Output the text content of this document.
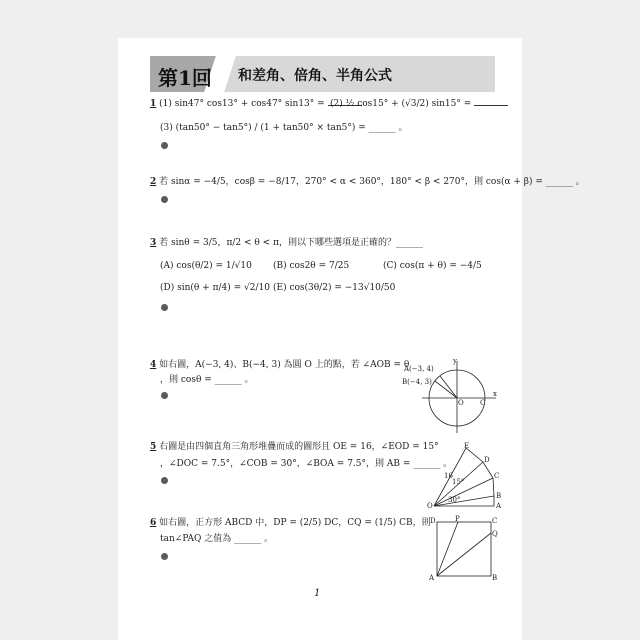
第1回 和差角、倍角、半角公式
1 (1) sin47° cos13° + cos47° sin13° = (2) ½ cos15° + (√3/2) sin15° =
(3) (tan50° − tan5°) / (1 + tan50° × tan5°) = ______ 。
2 若 sinα = −4/5，cosβ = −8/17，270° < α < 360°，180° < β < 270°，則 cos(α + β) = ______ 。
3 若 sinθ = 3/5，π/2 < θ < π，則以下哪些選項是正確的？______
(A) cos(θ/2) = 1/√10 (B) cos2θ = 7/25	(C) cos(π + θ) = −4/5
(D) sin(θ + π/4) = √2/10 (E) cos(3θ/2) = −13√10/50
4 如右圖，A(−3, 4)、B(−4, 3) 為圓 O 上的點，若 ∠AOB = θ
，則 cosθ = ______ 。
A(−3, 4)
B(−4, 3)
O C
x
y
5 右圖是由四個直角三角形堆疊而成的圖形且 OE = 16，∠EOD = 15°
，∠DOC = 7.5°，∠COB = 30°，∠BOA = 7.5°，則 AB = ______ 。
E
D
C
B
A
O
16
15°
30°
6 如右圖，正方形 ABCD 中，DP = (2/5) DC，CQ = (1/5) CB，則
tan∠PAQ 之值為 ______ 。
D	P	C
Q
A	B
1
